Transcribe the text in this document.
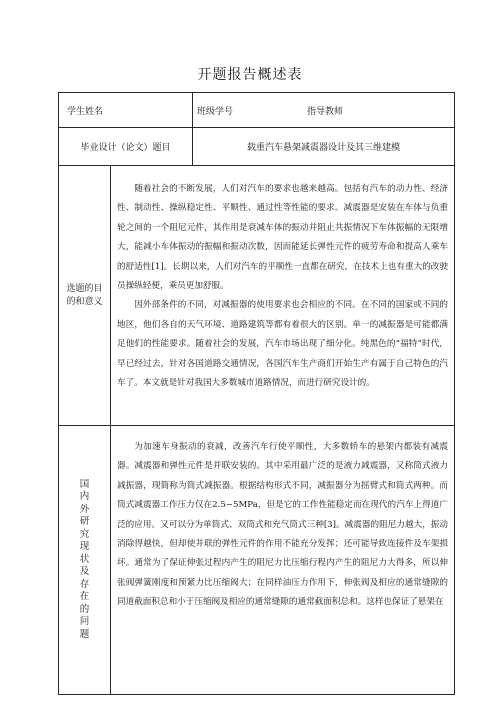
开题报告概述表
学生姓名		班级学号 指导教师

毕业设计（论文）题目		载重汽车悬架减震器设计及其三维建模

选题的目的和意义	随着社会的不断发展，人们对汽车的要求也越来越高。包括有汽车的动力性、经济性、制动性、操纵稳定性、平顺性、通过性等性能的要求。减震器是安装在车体与负重轮之间的一个阻尼元件，其作用是衰减车体的振动并阻止共振情况下车体振幅的无限增大，能减小车体振动的振幅和振动次数，因而能延长弹性元件的疲劳寿命和提高人乘车的舒适性[1]。长期以来，人们对汽车的平顺性一直都在研究，在技术上也有重大的改驶员操纵轻便，乘员更加舒服。

因外部条件的不同，对减振器的使用要求也会相应的不同。在不同的国家或不同的地区，他们各自的天气环境、道路建筑等都有着很大的区别。单一的减振器是可能都满足他们的性能要求。随着社会的发展，汽车市场出现了细分化。纯黑色的“福特”时代，早已经过去，针对各国道路交通情况，各国汽车生产商们开始生产有属于自己特色的汽车了。本文就是针对我国大多数城市道路情况，而进行研究设计的。	

国内外研究现状及存在的问题	为加速车身振动的衰减，改善汽车行使平顺性，大多数轿车的悬架内都装有减震器。减震器和弹性元件是并联安装的。其中采用最广泛的是液力减震器，又称筒式液力减振器，现简称为筒式减振器。根据结构形式不同，减振器分为摇臂式和筒式两种。而筒式减震器工作压力仅在2.5~5MPa，但是它的工作性能稳定而在现代的汽车上得道广泛的应用。又可以分为单筒式、双筒式和充气筒式三种[3]。减震器的阻尼力越大，振动消除得越快，但却使并联的弹性元件的作用不能充分发挥；还可能导致连接件及车架损坏。通常为了保证伸张过程内产生的阻尼力比压缩行程内产生的阻尼力大得多，所以伸张阀弹簧刚度和预紧力比压缩阀大；在同样油压力作用下，伸张阀及相应的通常缝隙的同道截面积总和小于压缩阀及相应的通常缝隙的通常截面积总和。这样也保证了悬架在	
